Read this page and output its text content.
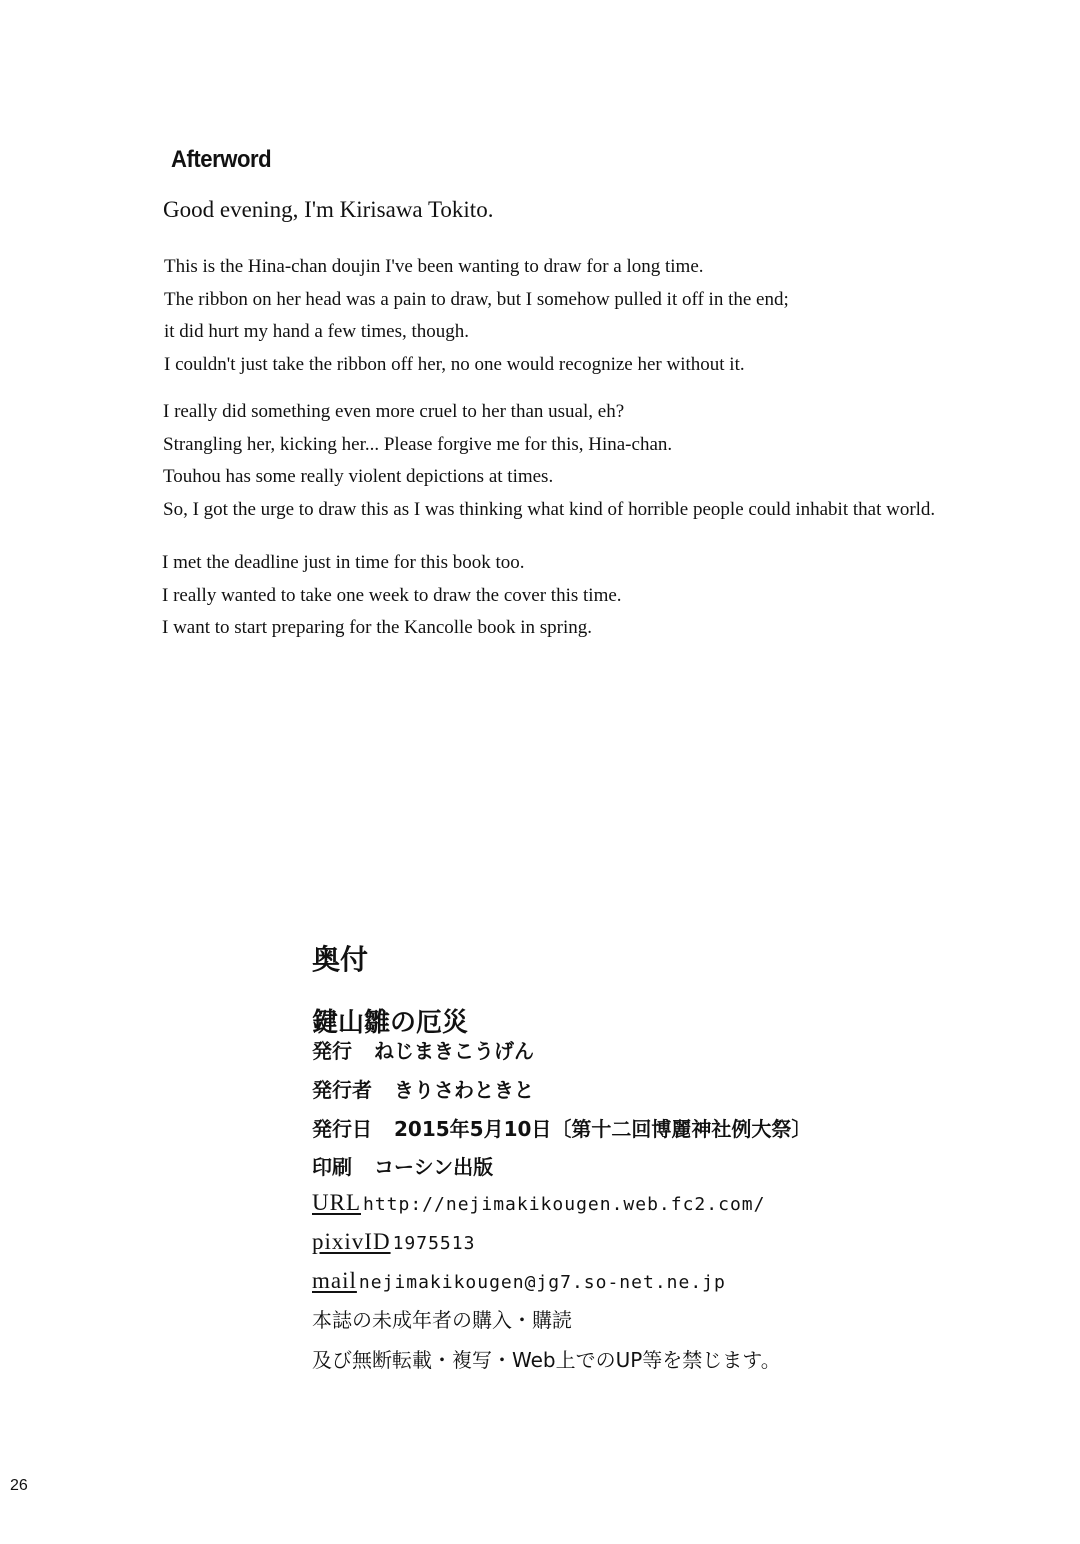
Afterword

Good evening, I'm Kirisawa Tokito.

This is the Hina-chan doujin I've been wanting to draw for a long time.
The ribbon on her head was a pain to draw, but I somehow pulled it off in the end;
it did hurt my hand a few times, though.
I couldn't just take the ribbon off her, no one would recognize her without it.
I really did something even more cruel to her than usual, eh?
Strangling her, kicking her... Please forgive me for this, Hina-chan.
Touhou has some really violent depictions at times.
So, I got the urge to draw this as I was thinking what kind of horrible people could inhabit that world.
I met the deadline just in time for this book too.
I really wanted to take one week to draw the cover this time.
I want to start preparing for the Kancolle book in spring.
奥付
鍵山雛の厄災

発行 ねじまきこうげん

発行者 きりさわときと

発行日 2015年5月10日〔第十二回博麗神社例大祭〕

印刷 コーシン出版

URL http://nejimakikougen.web.fc2.com/

pixivID 1975513

mail nejimakikougen@jg7.so-net.ne.jp

本誌の未成年者の購入・購読

及び無断転載・複写・Web上でのUP等を禁じます。

26
